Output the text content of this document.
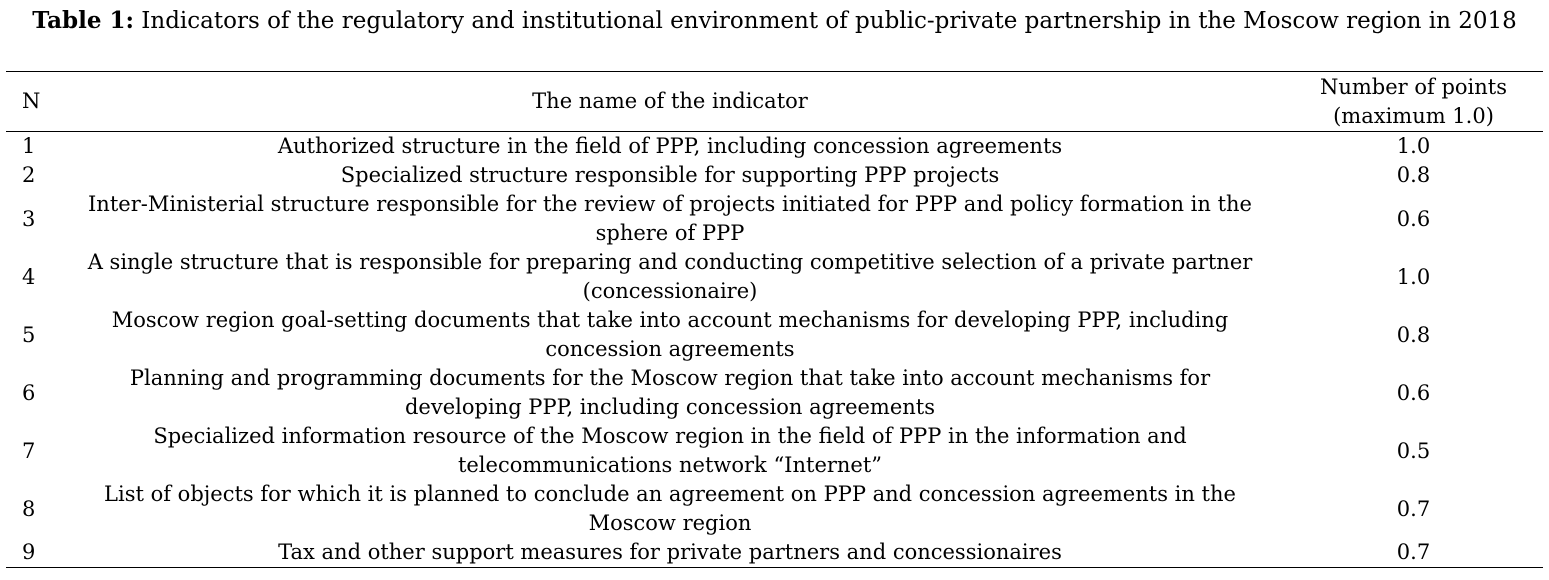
Table 1: Indicators of the regulatory and institutional environment of public-private partnership in the Moscow region in 2018
N	The name of the indicator	Number of points (maximum 1.0)
1	Authorized structure in the field of PPP, including concession agreements	1.0
2	Specialized structure responsible for supporting PPP projects	0.8
3	Inter-Ministerial structure responsible for the review of projects initiated for PPP and policy formation in the sphere of PPP	0.6
4	A single structure that is responsible for preparing and conducting competitive selection of a private partner (concessionaire)	1.0
5	Moscow region goal-setting documents that take into account mechanisms for developing PPP, including concession agreements	0.8
6	Planning and programming documents for the Moscow region that take into account mechanisms for developing PPP, including concession agreements	0.6
7	Specialized information resource of the Moscow region in the field of PPP in the information and telecommunications network “Internet”	0.5
8	List of objects for which it is planned to conclude an agreement on PPP and concession agreements in the Moscow region	0.7
9	Tax and other support measures for private partners and concessionaires	0.7
